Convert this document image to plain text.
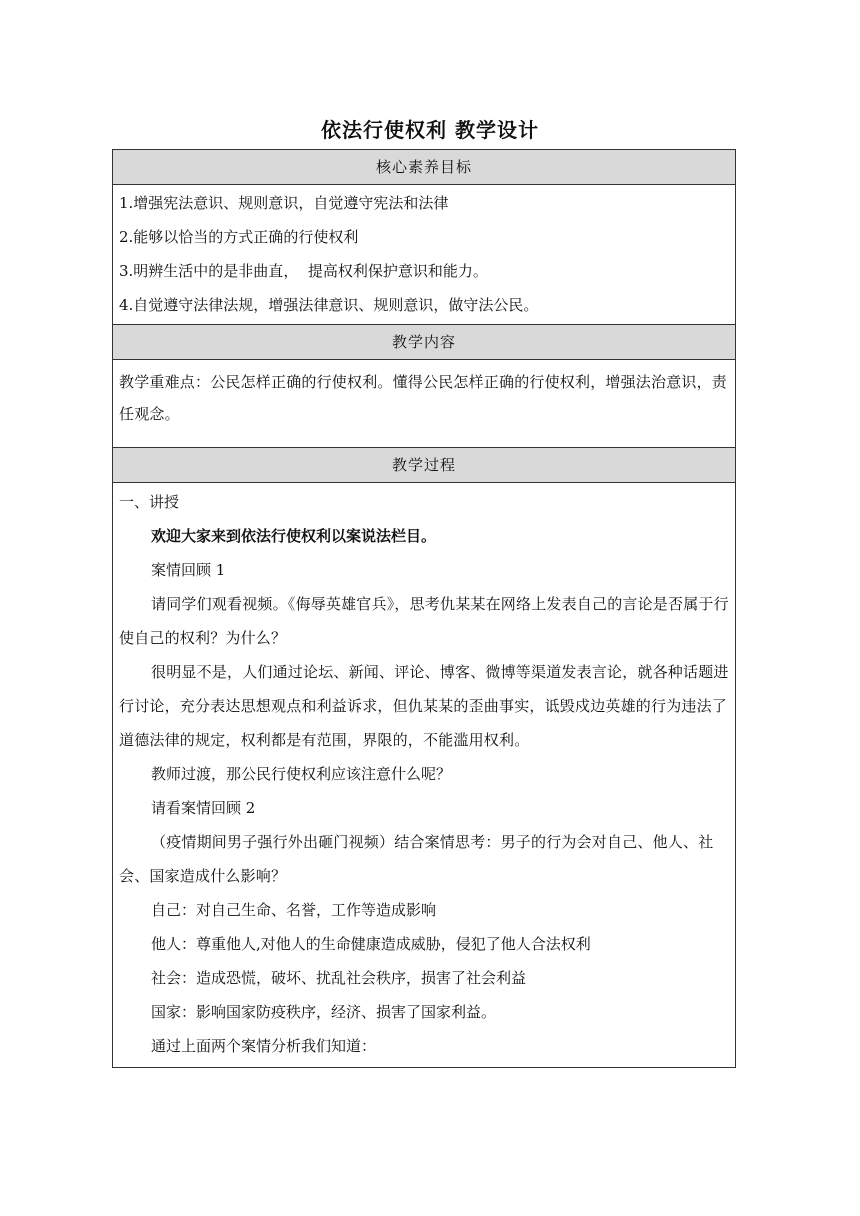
依法行使权利 教学设计
核心素养目标
1.增强宪法意识、规则意识，自觉遵守宪法和法律
2.能够以恰当的方式正确的行使权利
3.明辨生活中的是非曲直，  提高权利保护意识和能力。
4.自觉遵守法律法规，增强法律意识、规则意识，做守法公民。
教学内容

教学重难点：公民怎样正确的行使权利。懂得公民怎样正确的行使权利，增强法治意识，责任观念。

教学过程

一、讲授

欢迎大家来到依法行使权利以案说法栏目。

案情回顾 1

请同学们观看视频。《侮辱英雄官兵》，思考仇某某在网络上发表自己的言论是否属于行使自己的权利？为什么？

很明显不是，人们通过论坛、新闻、评论、博客、微博等渠道发表言论，就各种话题进行讨论，充分表达思想观点和利益诉求，但仇某某的歪曲事实，诋毁戍边英雄的行为违法了道德法律的规定，权利都是有范围，界限的，不能滥用权利。

教师过渡，那公民行使权利应该注意什么呢？

请看案情回顾 2

（疫情期间男子强行外出砸门视频）结合案情思考：男子的行为会对自己、他人、社会、国家造成什么影响？

自己：对自己生命、名誉，工作等造成影响

他人：尊重他人,对他人的生命健康造成威胁，侵犯了他人合法权利

社会：造成恐慌，破坏、扰乱社会秩序，损害了社会利益

国家：影响国家防疫秩序，经济、损害了国家利益。

通过上面两个案情分析我们知道：
